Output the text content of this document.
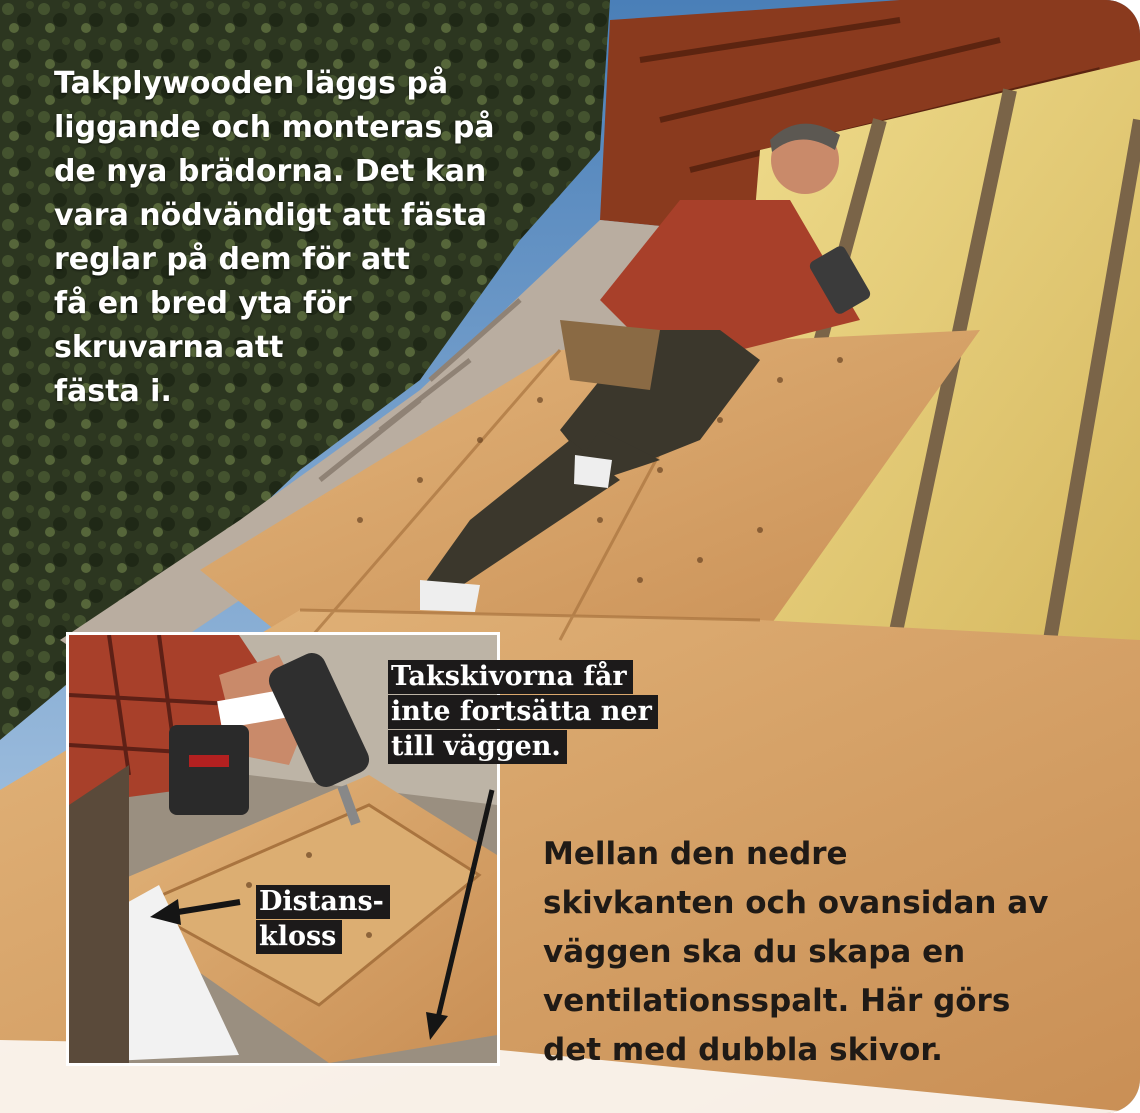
Takplywooden läggs på
liggande och monteras på
de nya brädorna. Det kan
vara nödvändigt att fästa
reglar på dem för att
få en bred yta för
skruvarna att
fästa i.

Takskivorna får
inte fortsätta ner
till väggen.

Distans-
kloss

Mellan den nedre
skivkanten och ovansidan av
väggen ska du skapa en
ventilationsspalt. Här görs
det med dubbla skivor.
